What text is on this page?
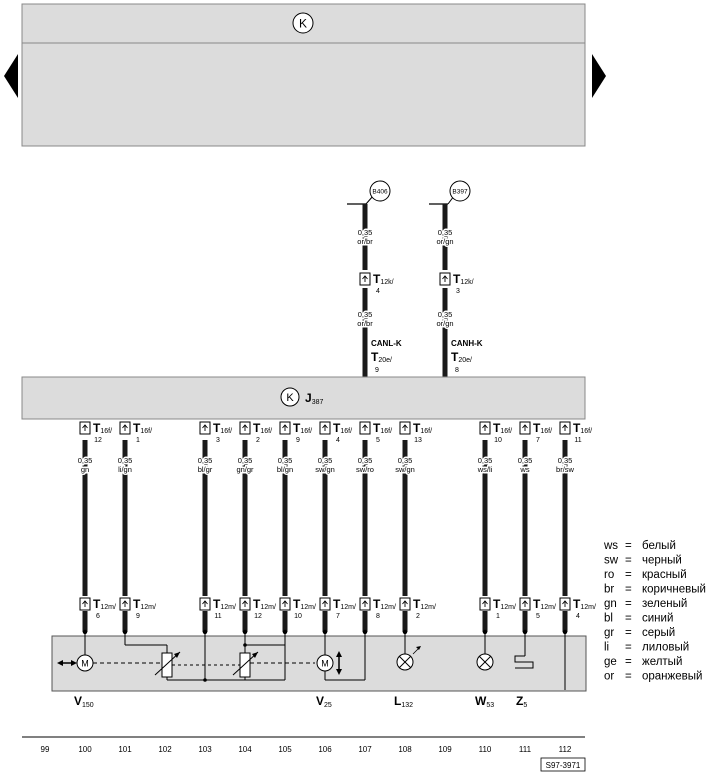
K
B406	B397
0,35
or/br
T12k/
4
0,35
or/br
CANL-K
T20e/
9
0,35
or/gn
T12k/
3
0,35
or/gn
CANH-K
T20e/
8
K J387
T16f/
12
0,35
gn
T12m/
6
T16f/
1
0,35
li/gn
T12m/
9
T16f/
3
0,35
bl/gr
T12m/
11
T16f/
2
0,35
gn/gr
T12m/
12
T16f/
9
0,35
bl/gn
T12m/
10
T16f/
4
0,35
sw/gn
T12m/
7
T16f/
5
0,35
sw/ro
T12m/
8
T16f/
13
0,35
sw/gn
T12m/
2
T16f/
10
0,35
ws/li
T12m/
1
T16f/
7
0,35
ws
T12m/
5
T16f/
11
0,35
br/sw
T12m/
4
M	M
V150	V25	L132	W53 Z5
ws = белый
sw = черный
ro = красный
br = коричневый
gn = зеленый
bl = синий
gr = серый
li = лиловый
ge = желтый
or = оранжевый
99	100	101	102	103	104	105	106	107	108	109	110	111	112
S97-3971
